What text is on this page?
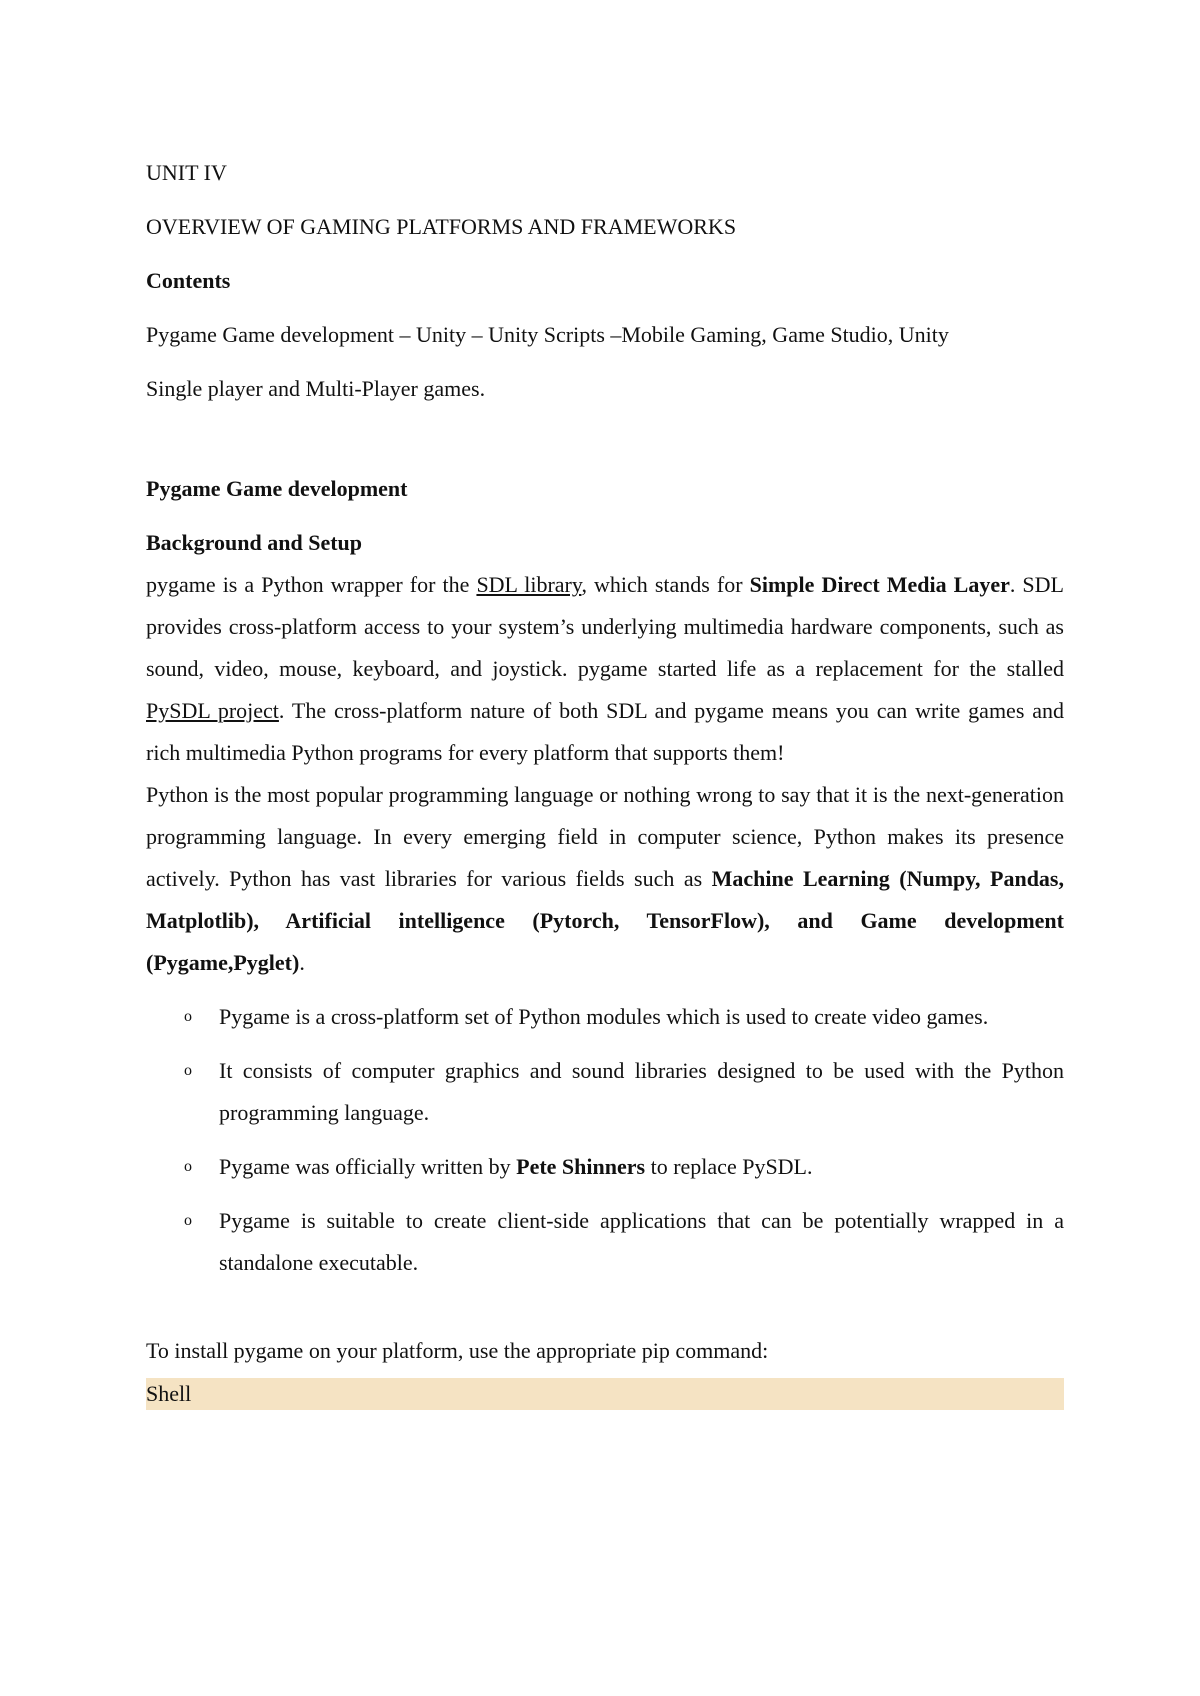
UNIT IV

OVERVIEW OF GAMING PLATFORMS AND FRAMEWORKS

Contents

Pygame Game development – Unity – Unity Scripts –Mobile Gaming, Game Studio, Unity

Single player and Multi-Player games.

Pygame Game development

Background and Setup

pygame is a Python wrapper for the SDL library, which stands for Simple Direct Media Layer. SDL provides cross-platform access to your system’s underlying multimedia hardware components, such as sound, video, mouse, keyboard, and joystick. pygame started life as a replacement for the stalled PySDL project. The cross-platform nature of both SDL and pygame means you can write games and rich multimedia Python programs for every platform that supports them!

Python is the most popular programming language or nothing wrong to say that it is the next-generation programming language. In every emerging field in computer science, Python makes its presence actively. Python has vast libraries for various fields such as Machine Learning (Numpy, Pandas, Matplotlib), Artificial intelligence (Pytorch, TensorFlow), and Game development (Pygame,Pyglet).

o Pygame is a cross-platform set of Python modules which is used to create video games.
o It consists of computer graphics and sound libraries designed to be used with the Python programming language.
o Pygame was officially written by Pete Shinners to replace PySDL.
o Pygame is suitable to create client-side applications that can be potentially wrapped in a standalone executable.

To install pygame on your platform, use the appropriate pip command:

Shell
